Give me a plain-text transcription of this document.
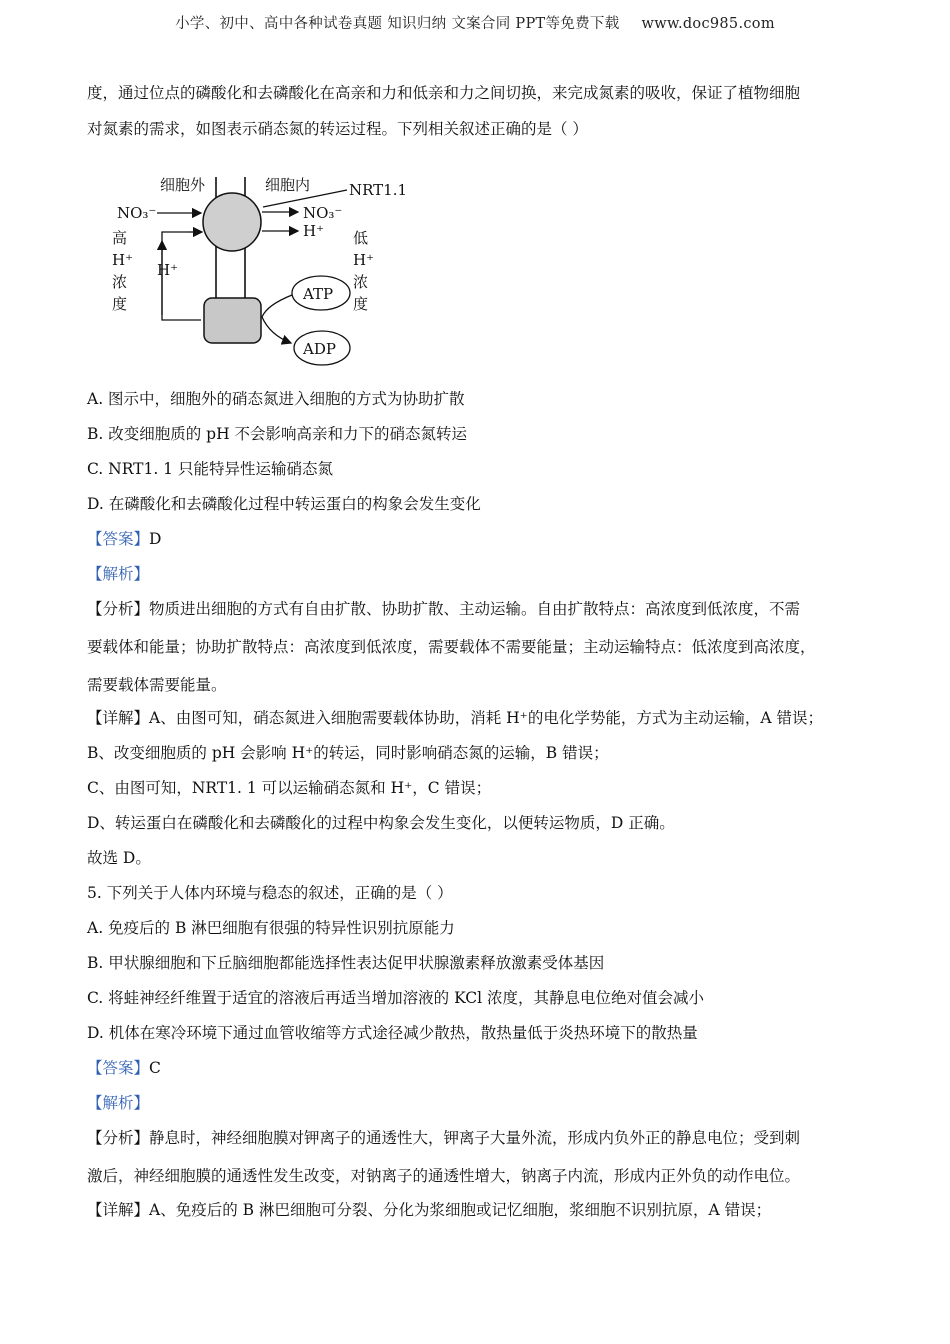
小学、初中、高中各种试卷真题 知识归纳 文案合同 PPT等免费下载 www.doc985.com
度，通过位点的磷酸化和去磷酸化在高亲和力和低亲和力之间切换，来完成氮素的吸收，保证了植物细胞
对氮素的需求，如图表示硝态氮的转运过程。下列相关叙述正确的是（ ）
细胞外	细胞内	NRT1.1
NO₃⁻	NO₃⁻
H⁺
H⁺
高
H⁺
浓
度
低
H⁺
浓
度
ATP
ADP
A. 图示中，细胞外的硝态氮进入细胞的方式为协助扩散
B. 改变细胞质的 pH 不会影响高亲和力下的硝态氮转运
C. NRT1. 1 只能特异性运输硝态氮
D. 在磷酸化和去磷酸化过程中转运蛋白的构象会发生变化
【答案】D
【解析】
【分析】物质进出细胞的方式有自由扩散、协助扩散、主动运输。自由扩散特点：高浓度到低浓度，不需
要载体和能量；协助扩散特点：高浓度到低浓度，需要载体不需要能量；主动运输特点：低浓度到高浓度，
需要载体需要能量。
【详解】A、由图可知，硝态氮进入细胞需要载体协助，消耗 H⁺的电化学势能，方式为主动运输，A 错误；
B、改变细胞质的 pH 会影响 H⁺的转运，同时影响硝态氮的运输，B 错误；
C、由图可知，NRT1. 1 可以运输硝态氮和 H⁺，C 错误；
D、转运蛋白在磷酸化和去磷酸化的过程中构象会发生变化，以便转运物质，D 正确。
故选 D。
5. 下列关于人体内环境与稳态的叙述，正确的是（ ）
A. 免疫后的 B 淋巴细胞有很强的特异性识别抗原能力
B. 甲状腺细胞和下丘脑细胞都能选择性表达促甲状腺激素释放激素受体基因
C. 将蛙神经纤维置于适宜的溶液后再适当增加溶液的 KCl 浓度，其静息电位绝对值会减小
D. 机体在寒冷环境下通过血管收缩等方式途径减少散热，散热量低于炎热环境下的散热量
【答案】C
【解析】
【分析】静息时，神经细胞膜对钾离子的通透性大，钾离子大量外流，形成内负外正的静息电位；受到刺
激后，神经细胞膜的通透性发生改变，对钠离子的通透性增大，钠离子内流，形成内正外负的动作电位。
【详解】A、免疫后的 B 淋巴细胞可分裂、分化为浆细胞或记忆细胞，浆细胞不识别抗原，A 错误；
